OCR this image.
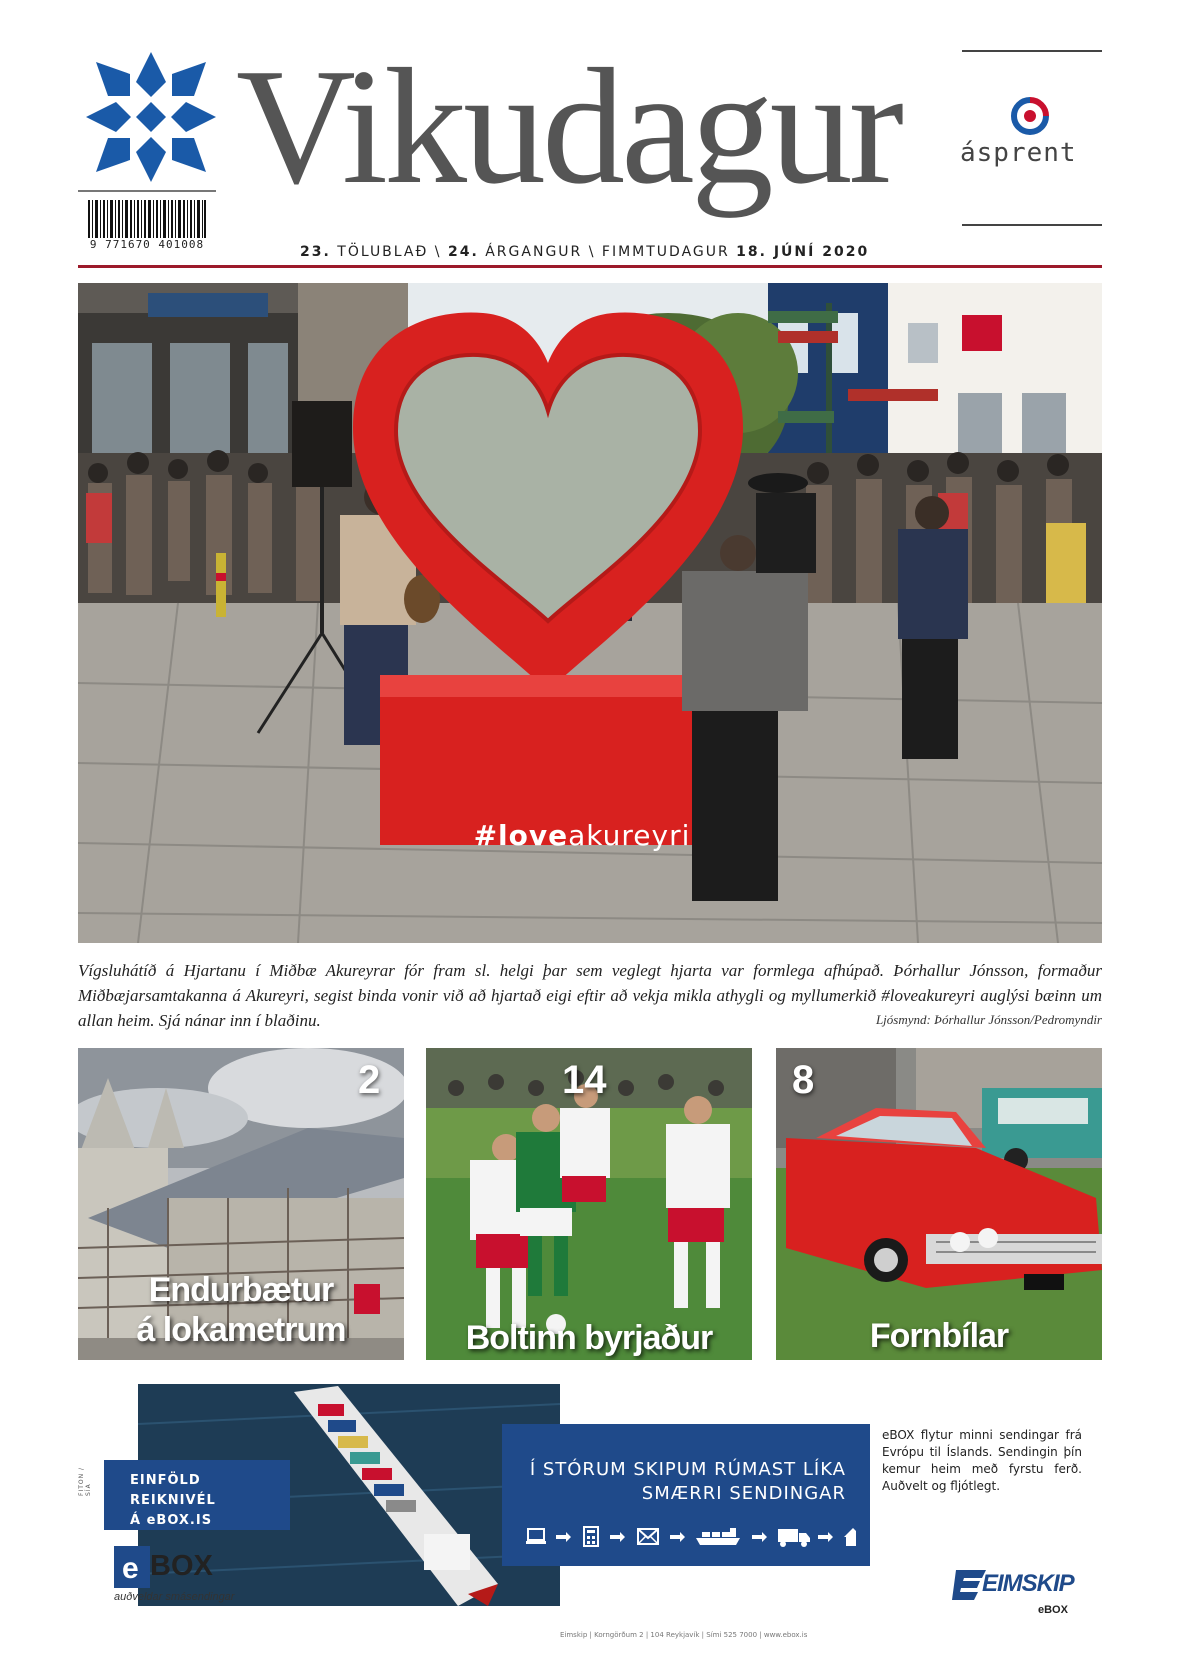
Vikudagur	ásprent
9 771670 401008	23. TÖLUBLAÐ \ 24. ÁRGANGUR \ FIMMTUDAGUR 18. JÚNÍ 2020
#loveakureyri

Vígsluhátíð á Hjartanu í Miðbæ Akureyrar fór fram sl. helgi þar sem veglegt hjarta var formlega afhúpað. Þórhallur Jónsson, formaður Miðbæjarsamtakanna á Akureyri, segist binda vonir við að hjartað eigi eftir að vekja mikla athygli og myllumerkið #loveakureyri auglýsi bæinn um allan heim. Sjá nánar inn í blaðinu.	Ljósmynd: Þórhallur Jónsson/Pedromyndir
2
Endurbætur
á lokametrum
14
Boltinn byrjaður
8
Fornbílar
EINFÖLD REIKNIVÉL
Á eBOX.IS
FITON / SÍA
Í STÓRUM SKIPUM RÚMAST LÍKA
SMÆRRI SENDINGAR

eBOX flytur minni sendingar frá Evrópu til Íslands. Sendingin þín kemur heim með fyrstu ferð. Auðvelt og fljótlegt.

e BOX
auðveldar smásendingar
Eimskip | Korngörðum 2 | 104 Reykjavík | Sími 525 7000 | www.ebox.is
EIMSKIP
eBOX
